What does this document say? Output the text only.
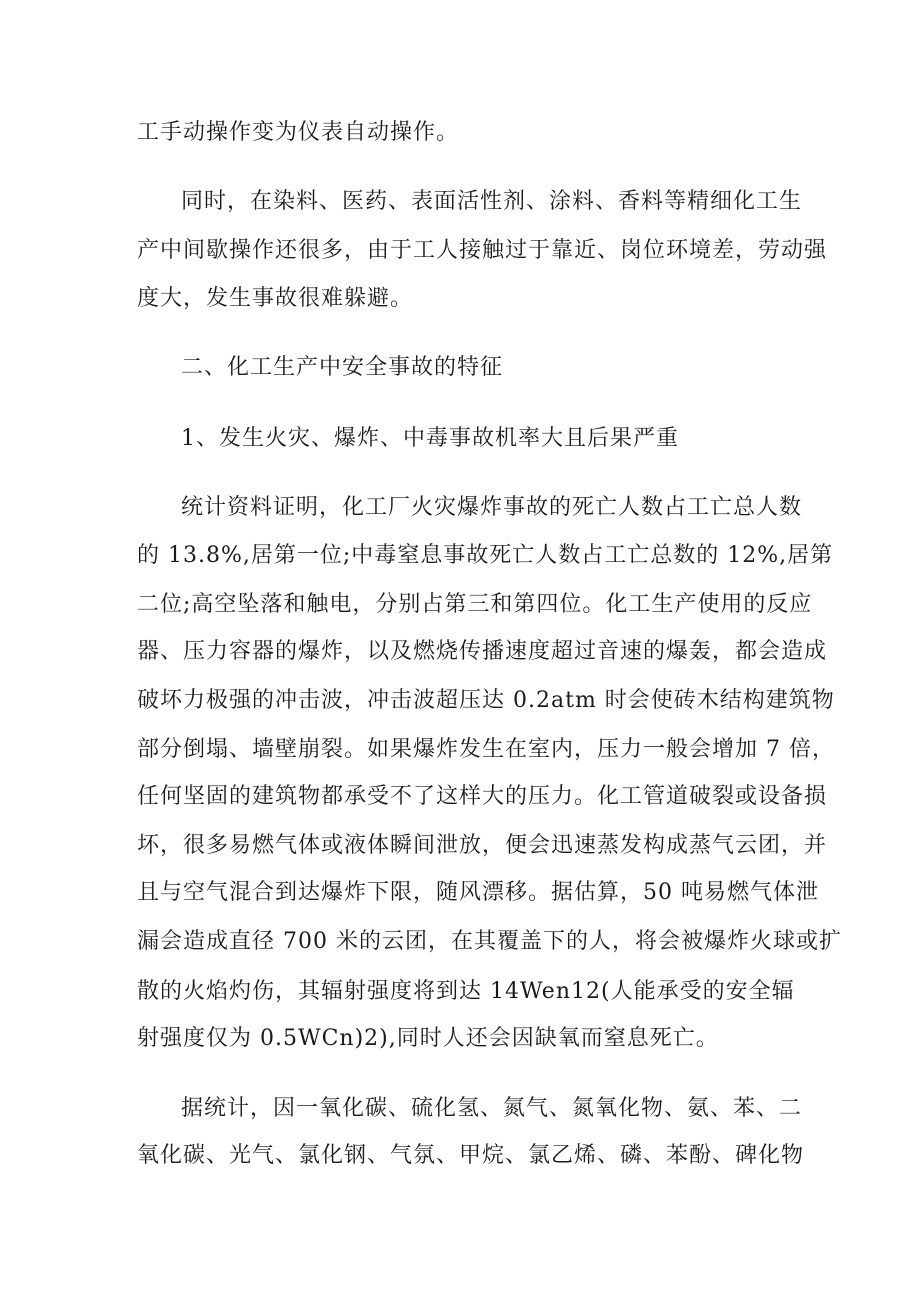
工手动操作变为仪表自动操作。

同时，在染料、医药、表面活性剂、涂料、香料等精细化工生

产中间歇操作还很多，由于工人接触过于靠近、岗位环境差，劳动强

度大，发生事故很难躲避。

二、化工生产中安全事故的特征

1、发生火灾、爆炸、中毒事故机率大且后果严重

统计资料证明，化工厂火灾爆炸事故的死亡人数占工亡总人数

的 13.8%,居第一位;中毒窒息事故死亡人数占工亡总数的 12%,居第

二位;高空坠落和触电，分别占第三和第四位。化工生产使用的反应

器、压力容器的爆炸，以及燃烧传播速度超过音速的爆轰，都会造成

破坏力极强的冲击波，冲击波超压达 0.2atm 时会使砖木结构建筑物

部分倒塌、墙壁崩裂。如果爆炸发生在室内，压力一般会增加 7 倍，

任何坚固的建筑物都承受不了这样大的压力。化工管道破裂或设备损

坏，很多易燃气体或液体瞬间泄放，便会迅速蒸发构成蒸气云团，并

且与空气混合到达爆炸下限，随风漂移。据估算，50 吨易燃气体泄

漏会造成直径 700 米的云团，在其覆盖下的人，将会被爆炸火球或扩

散的火焰灼伤，其辐射强度将到达 14Wen12(人能承受的安全辐

射强度仅为 0.5WCn)2),同时人还会因缺氧而窒息死亡。

据统计，因一氧化碳、硫化氢、氮气、氮氧化物、氨、苯、二

氧化碳、光气、氯化钢、气氛、甲烷、氯乙烯、磷、苯酚、碑化物
